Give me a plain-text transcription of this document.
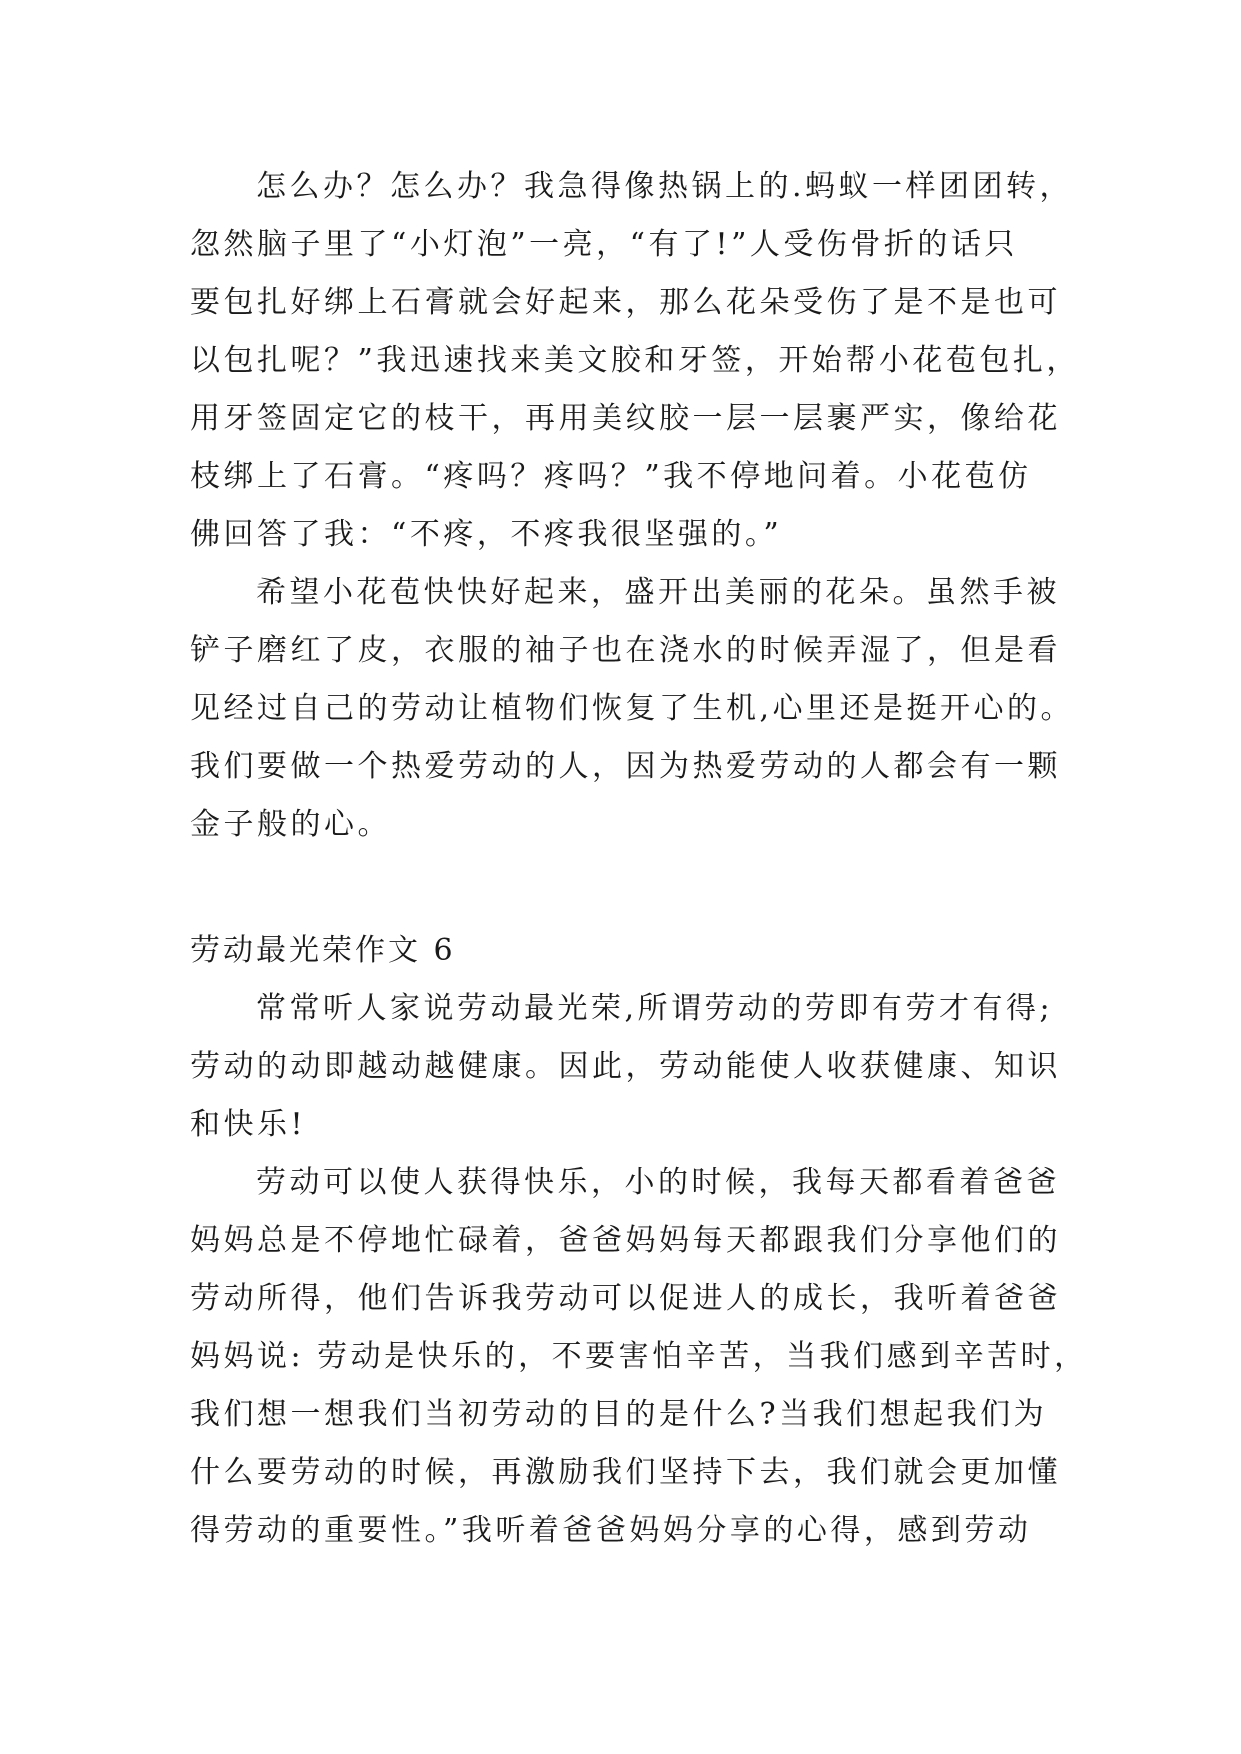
怎么办？怎么办？我急得像热锅上的.蚂蚁一样团团转，
忽然脑子里了“小灯泡”一亮，“有了!”人受伤骨折的话只
要包扎好绑上石膏就会好起来，那么花朵受伤了是不是也可
以包扎呢？”我迅速找来美文胶和牙签，开始帮小花苞包扎，
用牙签固定它的枝干，再用美纹胶一层一层裹严实，像给花
枝绑上了石膏。“疼吗？疼吗？”我不停地问着。小花苞仿
佛回答了我：“不疼，不疼我很坚强的。”
希望小花苞快快好起来，盛开出美丽的花朵。虽然手被
铲子磨红了皮，衣服的袖子也在浇水的时候弄湿了，但是看
见经过自己的劳动让植物们恢复了生机,心里还是挺开心的。
我们要做一个热爱劳动的人，因为热爱劳动的人都会有一颗
金子般的心。
劳动最光荣作文 6
常常听人家说劳动最光荣,所谓劳动的劳即有劳才有得;
劳动的动即越动越健康。因此，劳动能使人收获健康、知识
和快乐!
劳动可以使人获得快乐，小的时候，我每天都看着爸爸
妈妈总是不停地忙碌着，爸爸妈妈每天都跟我们分享他们的
劳动所得，他们告诉我劳动可以促进人的成长，我听着爸爸
妈妈说: 劳动是快乐的，不要害怕辛苦，当我们感到辛苦时，
我们想一想我们当初劳动的目的是什么?当我们想起我们为
什么要劳动的时候，再激励我们坚持下去，我们就会更加懂
得劳动的重要性。”我听着爸爸妈妈分享的心得，感到劳动
